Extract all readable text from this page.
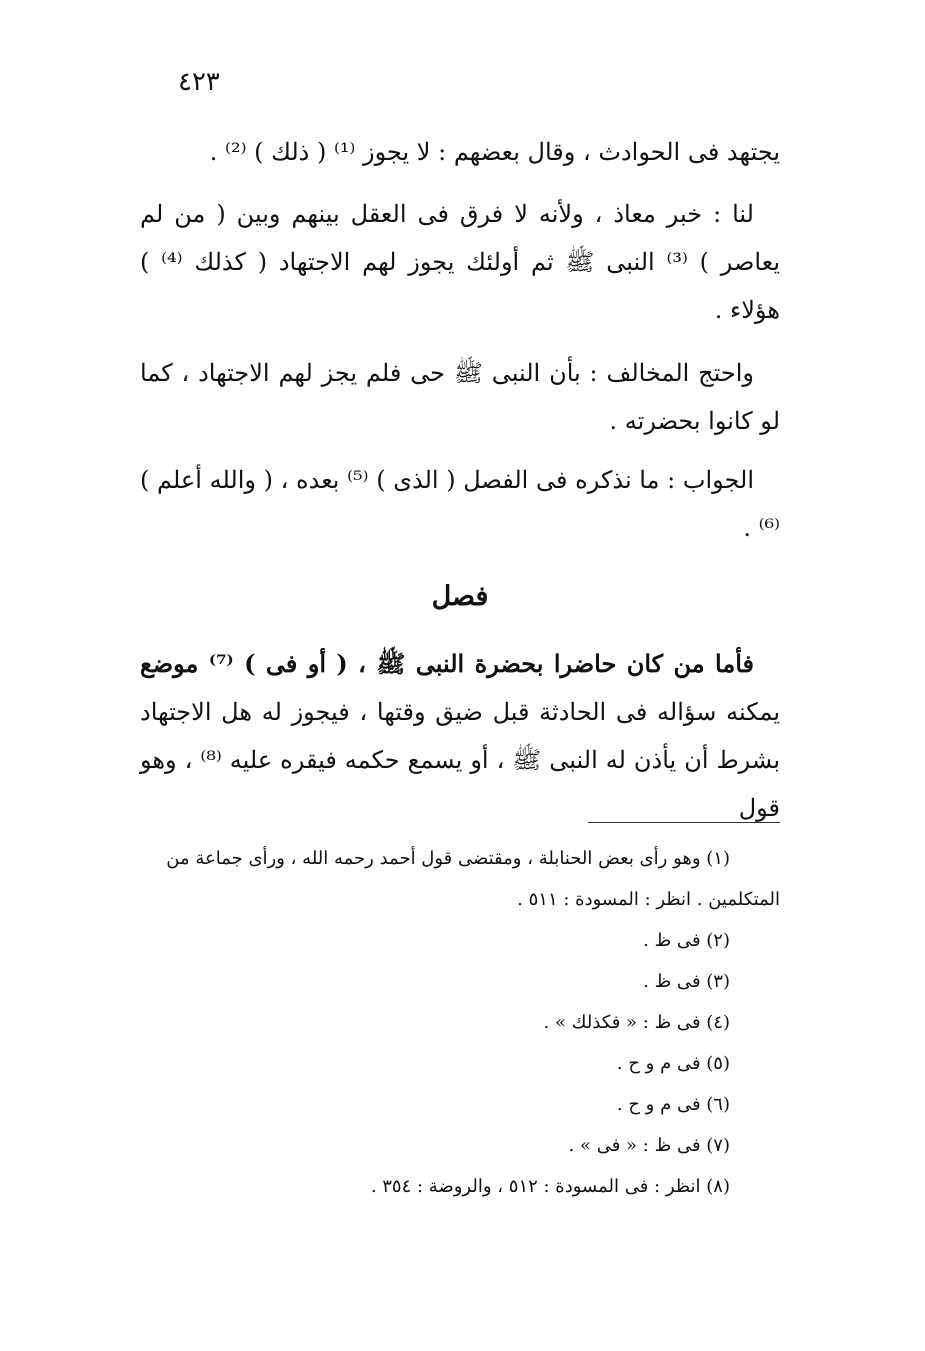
٤٢٣
يجتهد فى الحوادث ، وقال بعضهم : لا يجوز ⁽¹⁾ ( ذلك ) ⁽²⁾ .
لنا : خبر معاذ ، ولأنه لا فرق فى العقل بينهم وبين ( من لم يعاصر ) ⁽³⁾ النبى ﷺ ثم أولئك يجوز لهم الاجتهاد ( كذلك ⁽⁴⁾ ) هؤلاء .
واحتج المخالف : بأن النبى ﷺ حى فلم يجز لهم الاجتهاد ، كما لو كانوا بحضرته .
الجواب : ما نذكره فى الفصل ( الذى ) ⁽⁵⁾ بعده ، ( والله أعلم ) ⁽⁶⁾ .
فصل
فأما من كان حاضرا بحضرة النبى ﷺ ، ( أو فى ) ⁽⁷⁾ موضع يمكنه سؤاله فى الحادثة قبل ضيق وقتها ، فيجوز له هل الاجتهاد بشرط أن يأذن له النبى ﷺ ، أو يسمع حكمه فيقره عليه ⁽⁸⁾ ، وهو قول
(١) وهو رأى بعض الحنابلة ، ومقتضى قول أحمد رحمه الله ، ورأى جماعة من
المتكلمين . انظر : المسودة : ٥١١ .
(٢) فى ظ .
(٣) فى ظ .
(٤) فى ظ : « فكذلك » .
(٥) فى م و ح .
(٦) فى م و ح .
(٧) فى ظ : « فى » .
(٨) انظر : فى المسودة : ٥١٢ ، والروضة : ٣٥٤ .
